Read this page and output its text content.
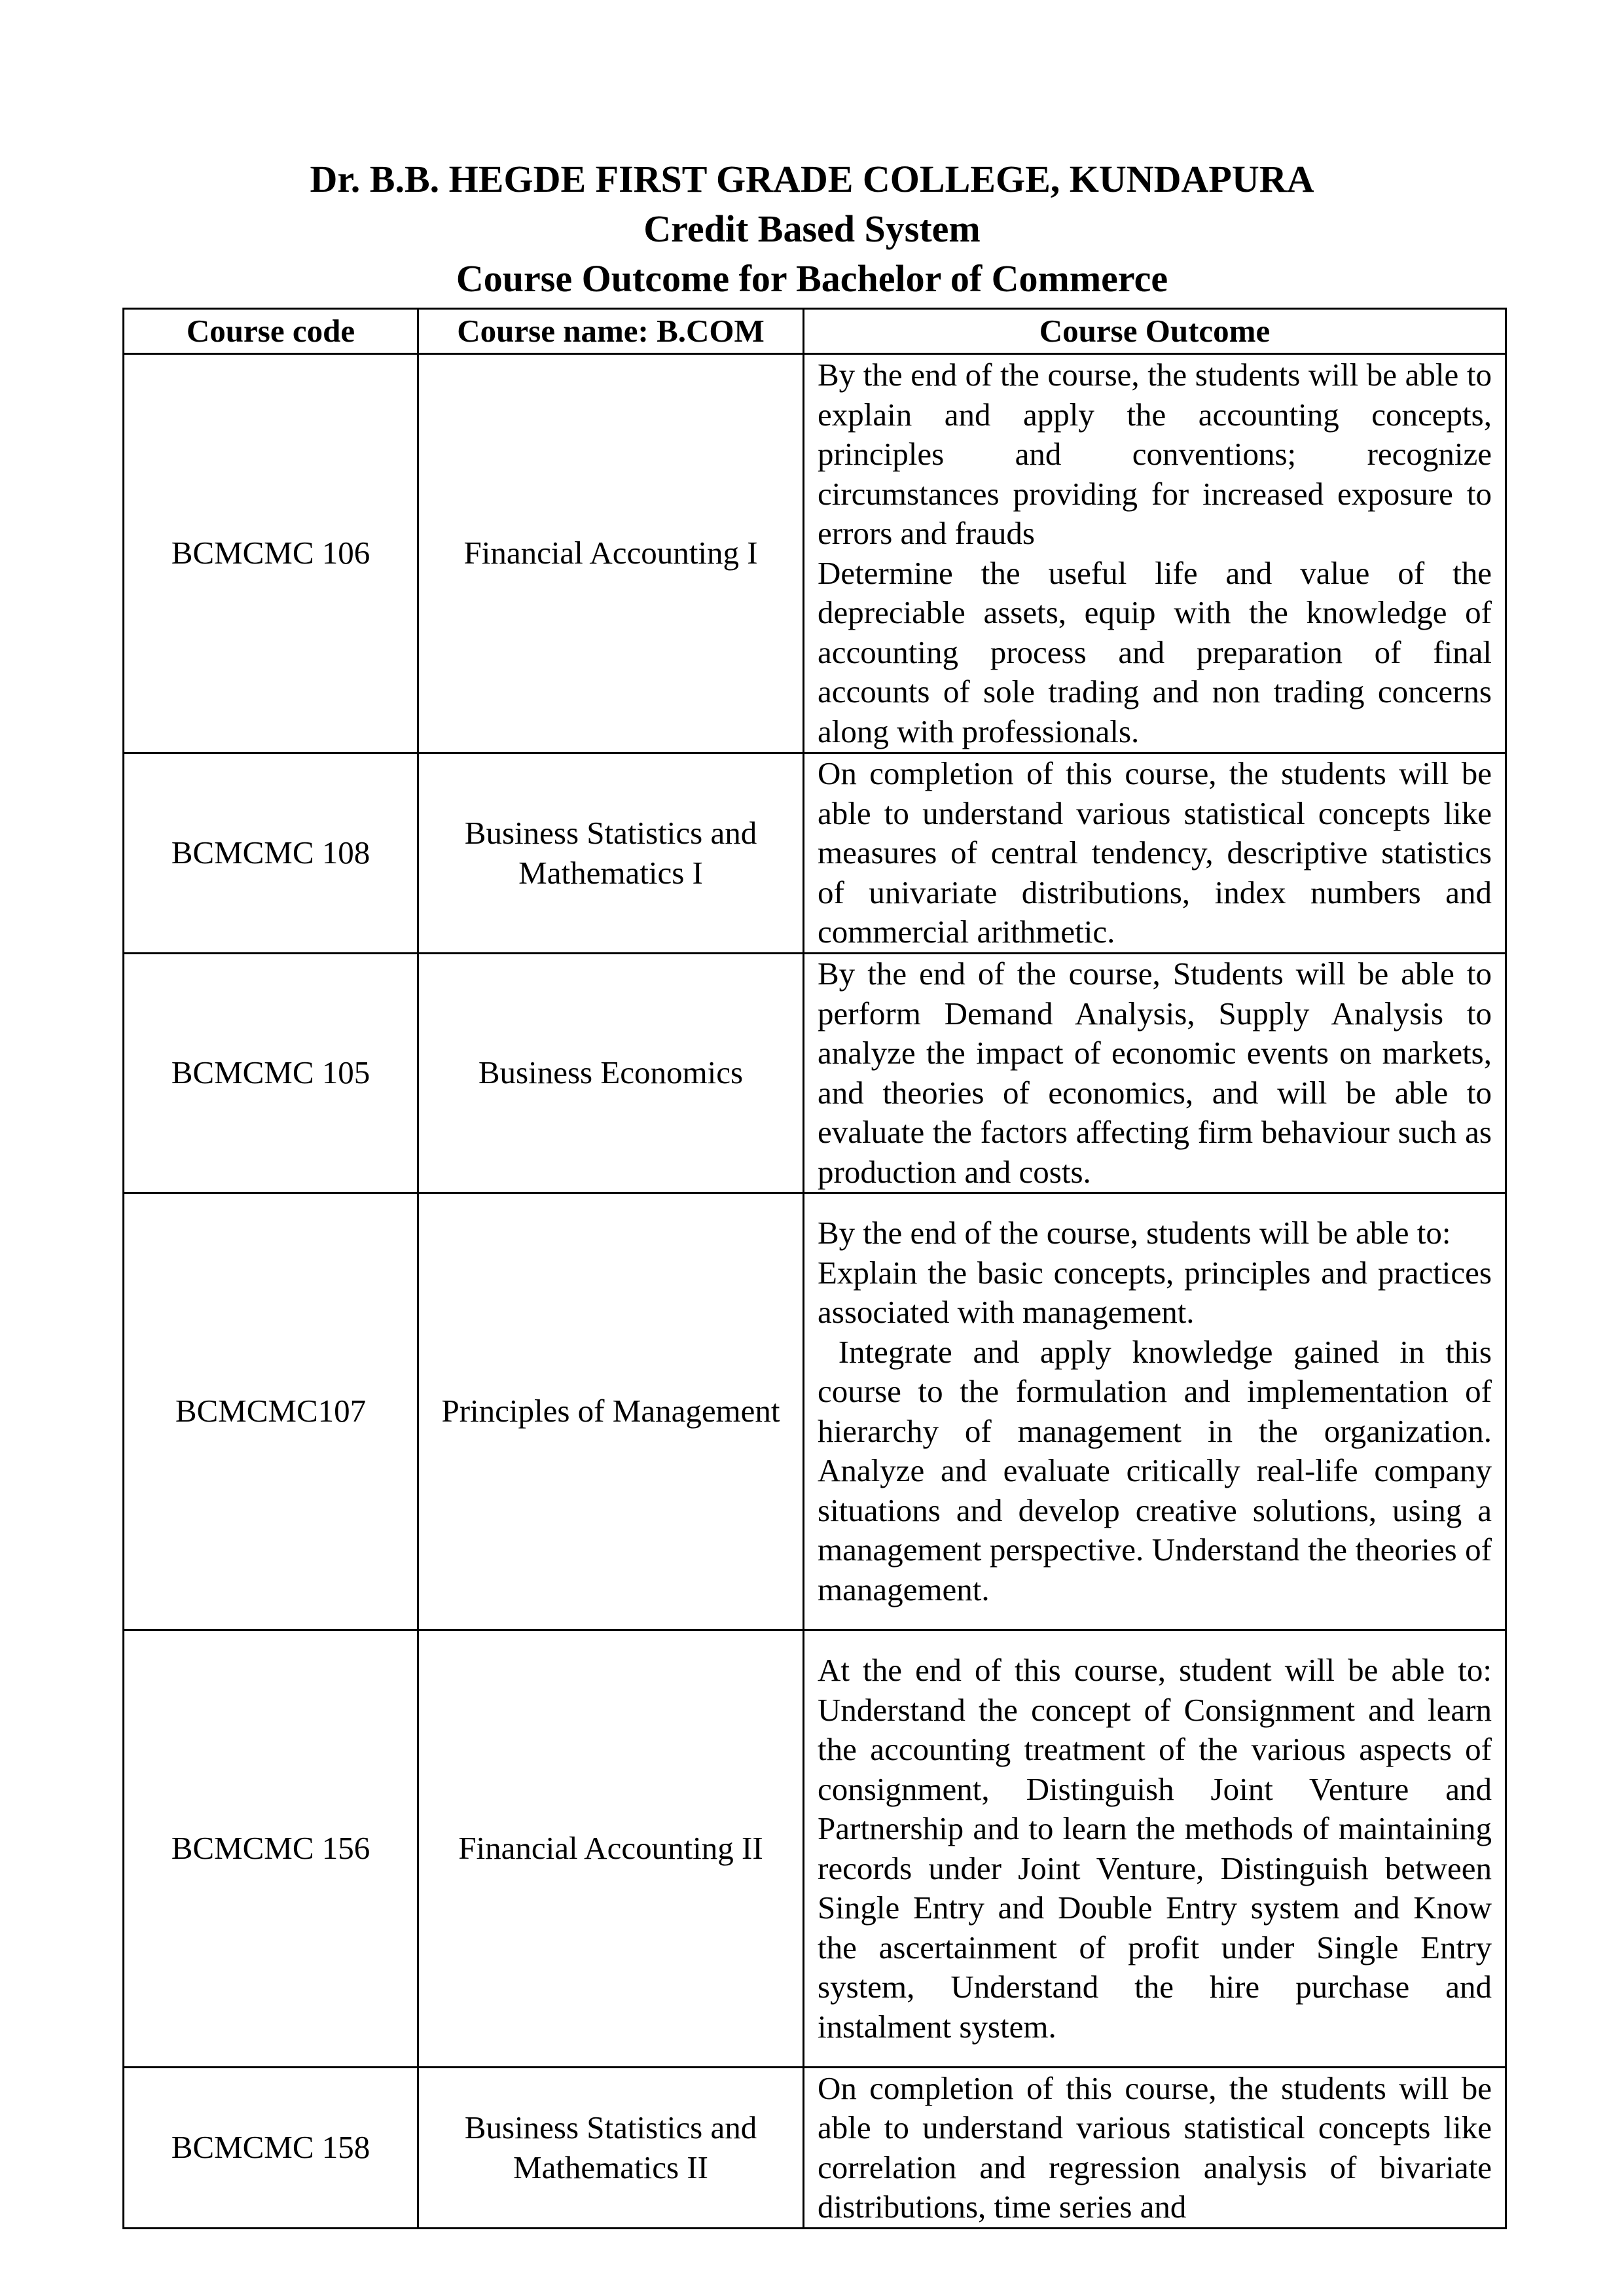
Dr. B.B. HEGDE FIRST GRADE COLLEGE, KUNDAPURA
Credit Based System
Course Outcome for Bachelor of Commerce
Course code	Course name: B.COM	Course Outcome
BCMCMC 106	Financial Accounting I	By the end of the course, the students will be able to explain and apply the accounting concepts, principles and conventions; recognize circumstances providing for increased exposure to errors and frauds

Determine the useful life and value of the depreciable assets, equip with the knowledge of accounting process and preparation of final accounts of sole trading and non trading concerns along with professionals.

BCMCMC 108	Business Statistics and Mathematics I	On completion of this course, the students will be able to understand various statistical concepts like measures of central tendency, descriptive statistics of univariate distributions, index numbers and commercial arithmetic.

BCMCMC 105	Business Economics	By the end of the course, Students will be able to perform Demand Analysis, Supply Analysis to analyze the impact of economic events on markets, and theories of economics, and will be able to evaluate the factors affecting firm behaviour such as production and costs.

BCMCMC107	Principles of Management	By the end of the course, students will be able to:

Explain the basic concepts, principles and practices associated with management.

Integrate and apply knowledge gained in this course to the formulation and implementation of hierarchy of management in the organization. Analyze and evaluate critically real-life company situations and develop creative solutions, using a management perspective. Understand the theories of management.

BCMCMC 156	Financial Accounting II	At the end of this course, student will be able to: Understand the concept of Consignment and learn the accounting treatment of the various aspects of consignment, Distinguish Joint Venture and Partnership and to learn the methods of maintaining records under Joint Venture, Distinguish between Single Entry and Double Entry system and Know the ascertainment of profit under Single Entry system, Understand the hire purchase and instalment system.

BCMCMC 158	Business Statistics and Mathematics II	On completion of this course, the students will be able to understand various statistical concepts like correlation and regression analysis of bivariate distributions, time series and
